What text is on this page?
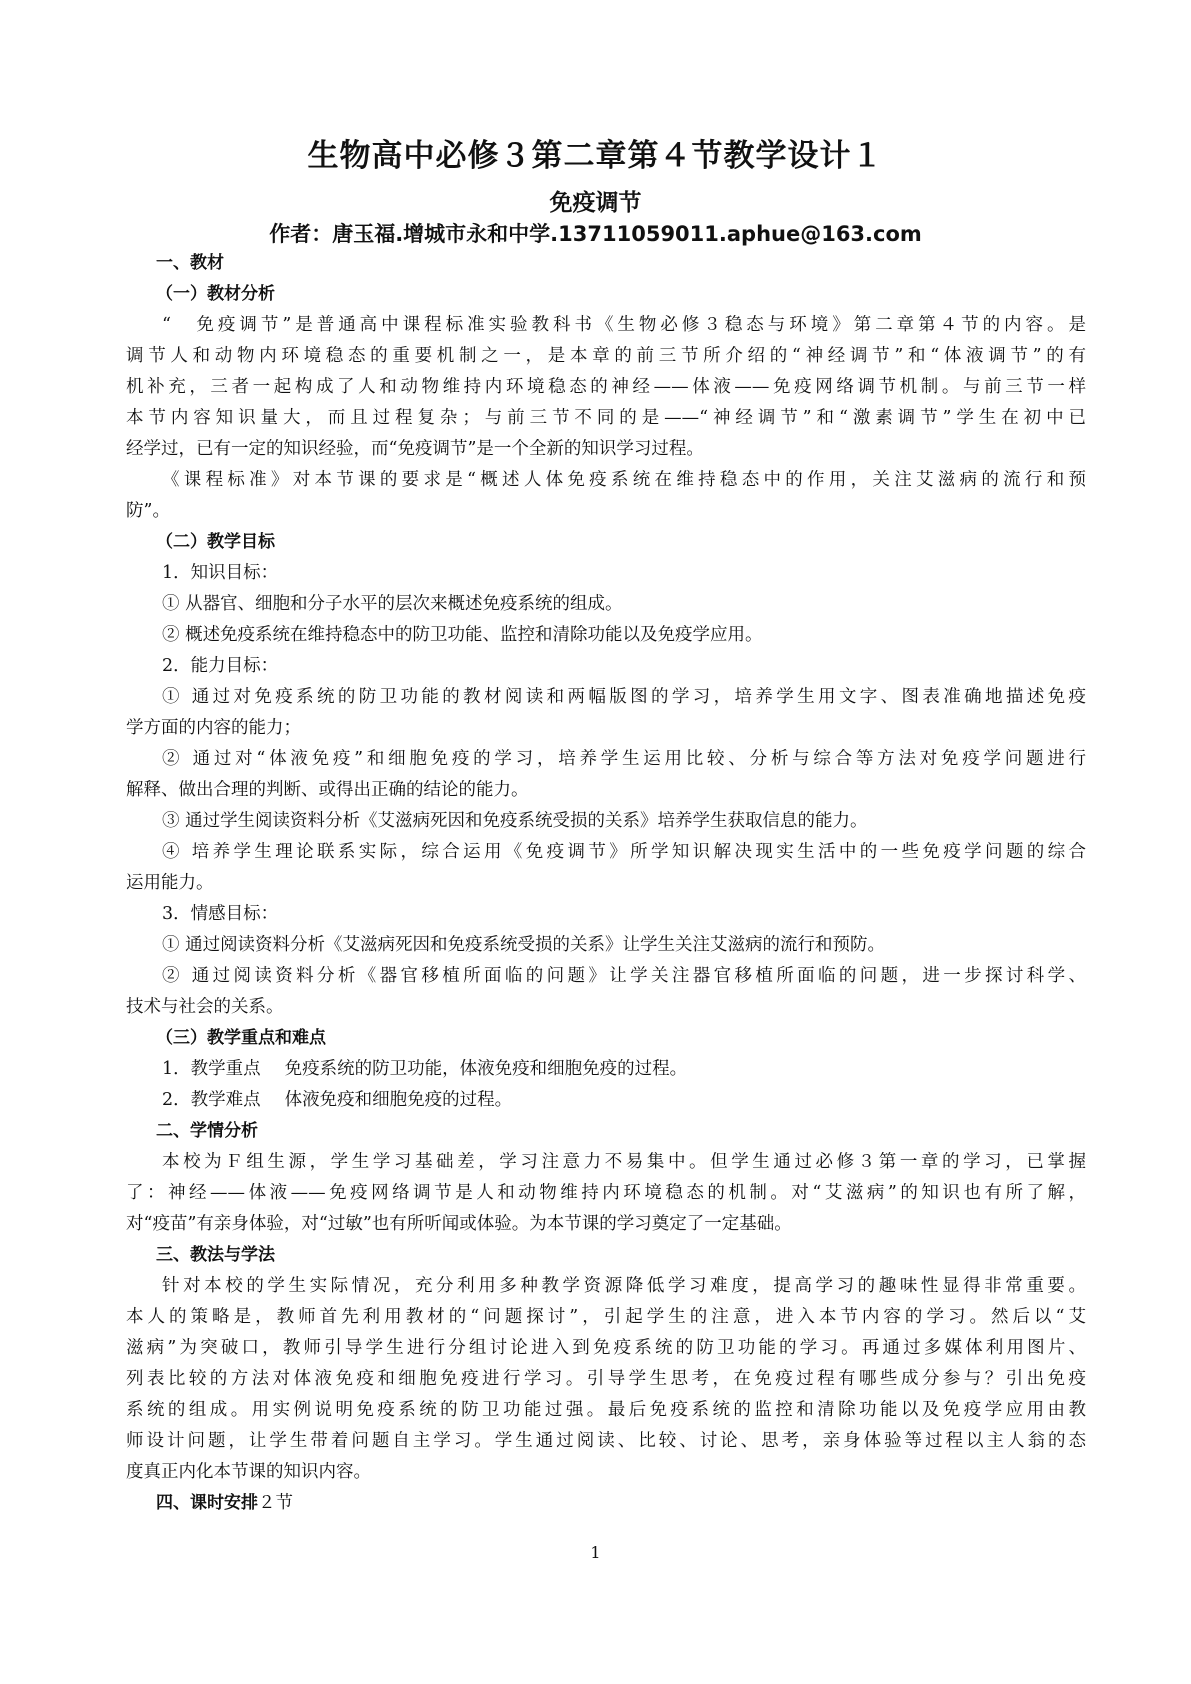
生物高中必修３第二章第４节教学设计１
免疫调节
作者：唐玉福.增城市永和中学.13711059011.aphue@163.com
一、教材
（一）教材分析
“　免疫调节”是普通高中课程标准实验教科书《生物必修３稳态与环境》第二章第４节的内容。是
调节人和动物内环境稳态的重要机制之一，是本章的前三节所介绍的“神经调节”和“体液调节”的有
机补充，三者一起构成了人和动物维持内环境稳态的神经——体液——免疫网络调节机制。与前三节一样
本节内容知识量大，而且过程复杂；与前三节不同的是——“神经调节”和“激素调节”学生在初中已
经学过，已有一定的知识经验，而“免疫调节”是一个全新的知识学习过程。
《课程标准》对本节课的要求是“概述人体免疫系统在维持稳态中的作用，关注艾滋病的流行和预
防”。
（二）教学目标
1．知识目标：
① 从器官、细胞和分子水平的层次来概述免疫系统的组成。
② 概述免疫系统在维持稳态中的防卫功能、监控和清除功能以及免疫学应用。
2．能力目标：
① 通过对免疫系统的防卫功能的教材阅读和两幅版图的学习，培养学生用文字、图表准确地描述免疫
学方面的内容的能力；
② 通过对“体液免疫”和细胞免疫的学习，培养学生运用比较、分析与综合等方法对免疫学问题进行
解释、做出合理的判断、或得出正确的结论的能力。
③ 通过学生阅读资料分析《艾滋病死因和免疫系统受损的关系》培养学生获取信息的能力。
④ 培养学生理论联系实际，综合运用《免疫调节》所学知识解决现实生活中的一些免疫学问题的综合
运用能力。
3．情感目标：
① 通过阅读资料分析《艾滋病死因和免疫系统受损的关系》让学生关注艾滋病的流行和预防。
② 通过阅读资料分析《器官移植所面临的问题》让学关注器官移植所面临的问题，进一步探讨科学、
技术与社会的关系。
（三）教学重点和难点
1．教学重点 免疫系统的防卫功能，体液免疫和细胞免疫的过程。
2．教学难点 体液免疫和细胞免疫的过程。
二、学情分析
本校为Ｆ组生源，学生学习基础差，学习注意力不易集中。但学生通过必修３第一章的学习，已掌握
了：神经——体液——免疫网络调节是人和动物维持内环境稳态的机制。对“艾滋病”的知识也有所了解，
对“疫苗”有亲身体验，对“过敏”也有所听闻或体验。为本节课的学习奠定了一定基础。
三、教法与学法
针对本校的学生实际情况，充分利用多种教学资源降低学习难度，提高学习的趣味性显得非常重要。
本人的策略是，教师首先利用教材的“问题探讨”，引起学生的注意，进入本节内容的学习。然后以“艾
滋病”为突破口，教师引导学生进行分组讨论进入到免疫系统的防卫功能的学习。再通过多媒体利用图片、
列表比较的方法对体液免疫和细胞免疫进行学习。引导学生思考，在免疫过程有哪些成分参与？引出免疫
系统的组成。用实例说明免疫系统的防卫功能过强。最后免疫系统的监控和清除功能以及免疫学应用由教
师设计问题，让学生带着问题自主学习。学生通过阅读、比较、讨论、思考，亲身体验等过程以主人翁的态
度真正内化本节课的知识内容。
四、课时安排２节
1
